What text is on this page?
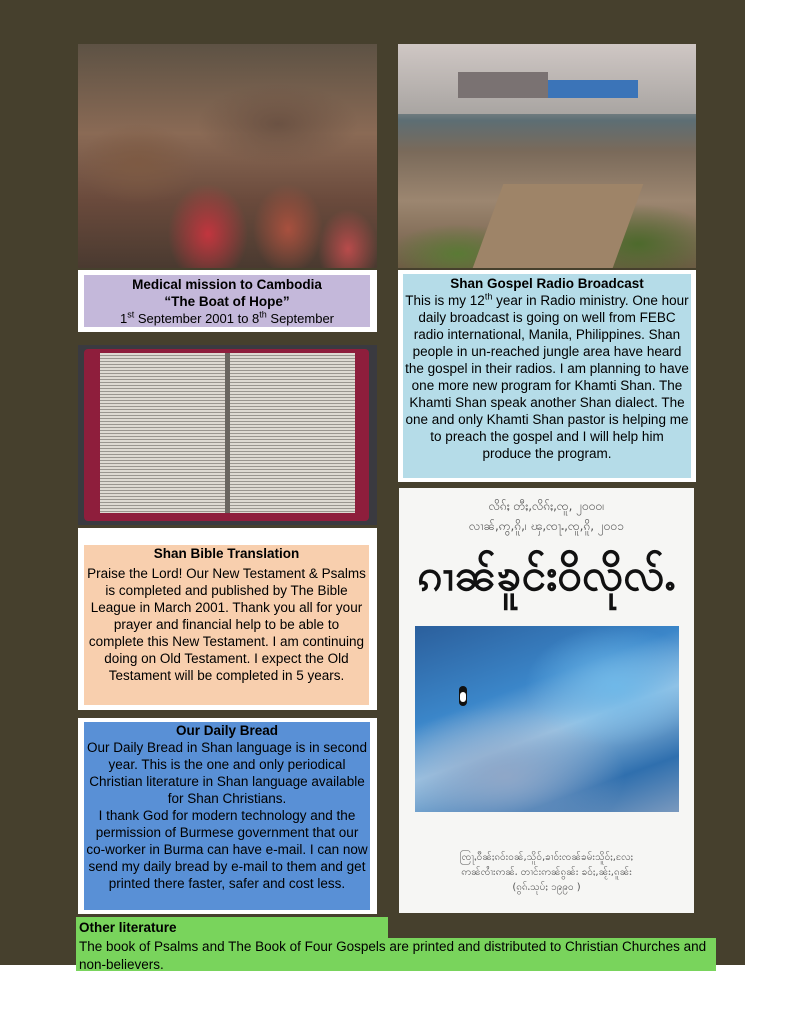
Medical mission to Cambodia
“The Boat of Hope”
1st September 2001 to 8th September
Shan Gospel Radio Broadcast
This is my 12th year in Radio ministry. One hour daily broadcast is going on well from FEBC radio international, Manila, Philippines. Shan people in un-reached jungle area have heard the gospel in their radios. I am planning to have one more new program for Khamti Shan. The Khamti Shan speak another Shan dialect. The one and only Khamti Shan pastor is helping me to preach the gospel and I will help him produce the program.
Shan Bible Translation
Praise the Lord! Our New Testament & Psalms is completed and published by The Bible League in March 2001. Thank you all for your prayer and financial help to be able to complete this New Testament. I am continuing doing on Old Testament. I expect the Old Testament will be completed in 5 years.
Our Daily Bread
Our Daily Bread in Shan language is in second year. This is the one and only periodical Christian literature in Shan language available for Shan Christians.
I thank God for modern technology and the permission of Burmese government that our co-worker in Burma can have e-mail. I can now send my daily bread by e-mail to them and get printed there faster, safer and cost less.
လိၵ်ႈ တီႈ,လိၵ်ႈ,ၸူ, ၂၀၀၀၊
လၢၼ်,ဢွ,ၵိူ,၊ ၾ,ၸႃႉ,ၸူ,ၵိူ, ၂၀၀၁
ၵၢၼ်ၶူင်းဝိလိုလ်ႉ
ၸြႃႇဝီၼ်ႈၵဝ်းဝၼ်,သိူဝ်,ၶၢဝ်းၸၼ်ၶမ်းသိူဝ်ႈ,လႄႈ
ဢၼ်ၸၢႆးဢၼ်ႉ တၢင်းဢၼ်ၵွၼ်း ၶဝ်ႈ,ၼႂ်း,ၵူၼ်း
(ၵွၵ်ႉသုပ်ႈ ၁၉၉၀ )
Other literature
The book of Psalms and The Book of Four Gospels are printed and distributed to Christian Churches and non-believers.
